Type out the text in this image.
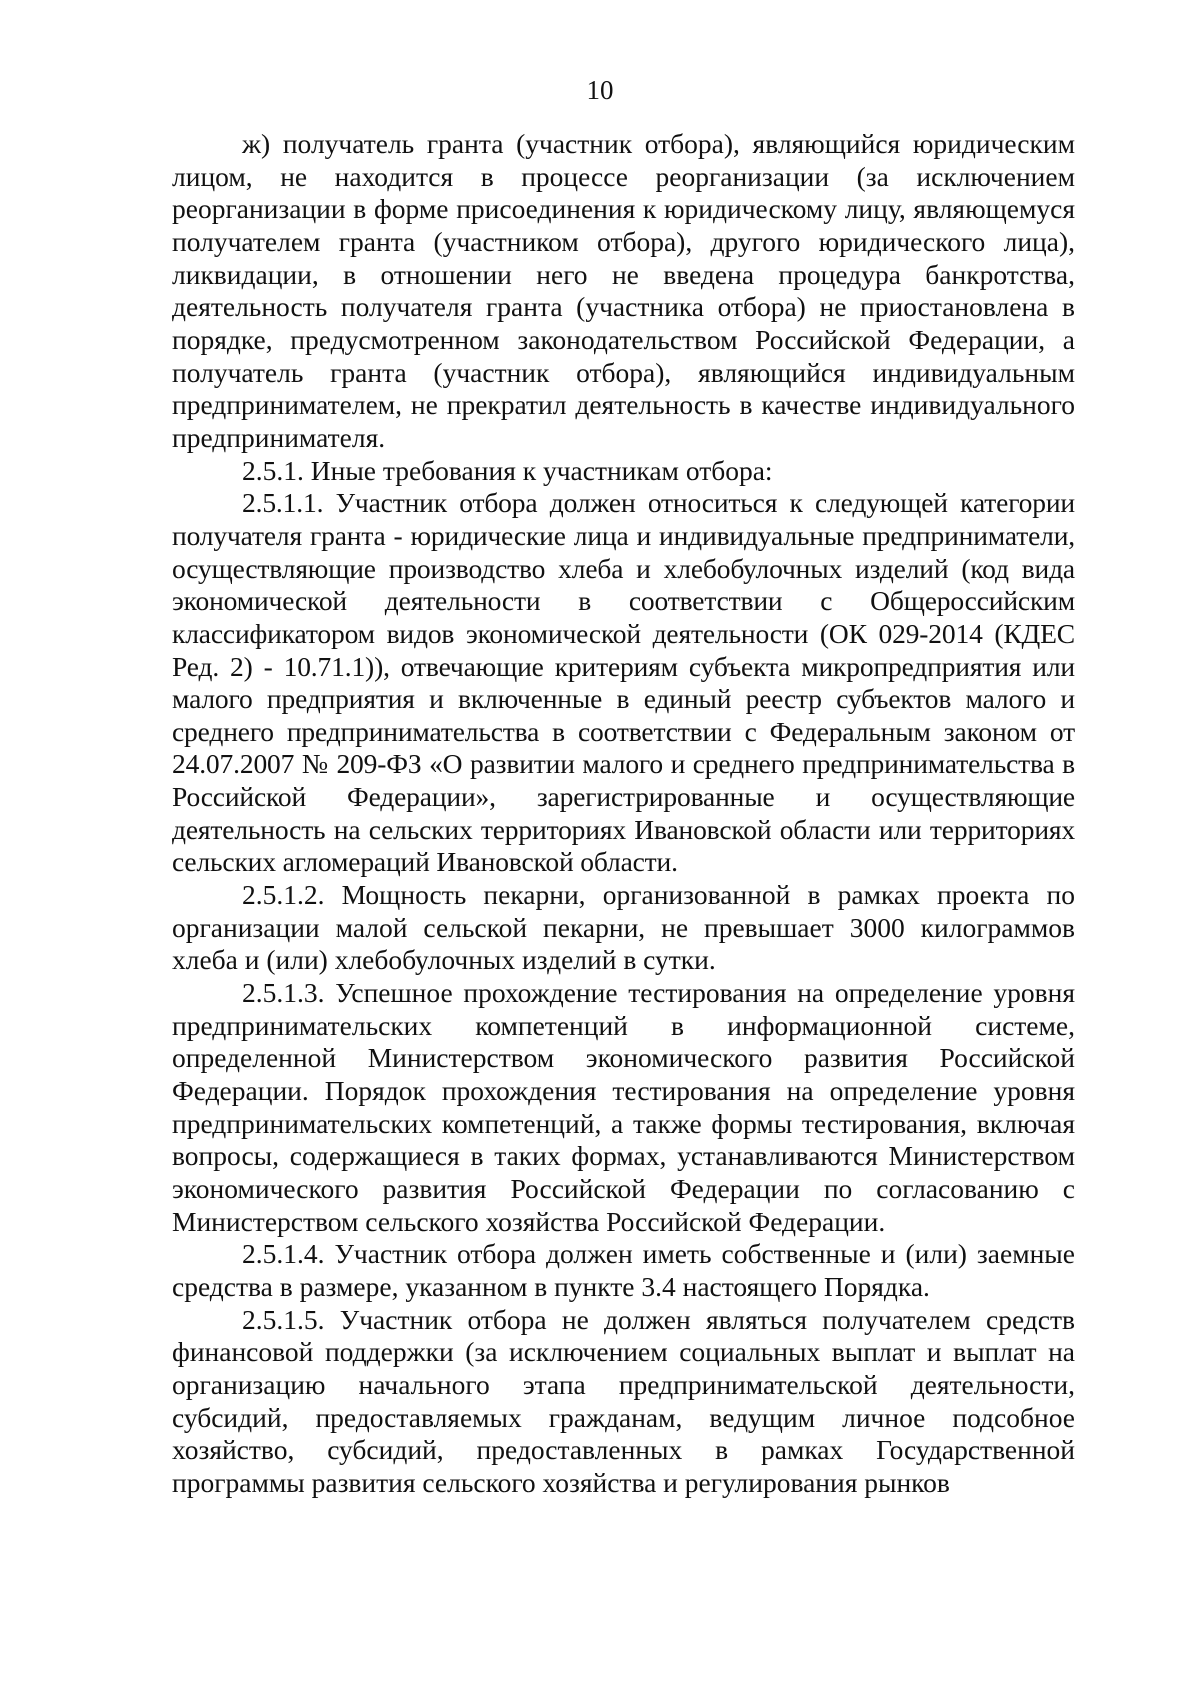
10

ж) получатель гранта (участник отбора), являющийся юридическим лицом, не находится в процессе реорганизации (за исключением реорганизации в форме присоединения к юридическому лицу, являющемуся получателем гранта (участником отбора), другого юридического лица), ликвидации, в отношении него не введена процедура банкротства, деятельность получателя гранта (участника отбора) не приостановлена в порядке, предусмотренном законодательством Российской Федерации, а получатель гранта (участник отбора), являющийся индивидуальным предпринимателем, не прекратил деятельность в качестве индивидуального предпринимателя.

2.5.1. Иные требования к участникам отбора:

2.5.1.1. Участник отбора должен относиться к следующей категории получателя гранта - юридические лица и индивидуальные предприниматели, осуществляющие производство хлеба и хлебобулочных изделий (код вида экономической деятельности в соответствии с Общероссийским классификатором видов экономической деятельности (ОК 029-2014 (КДЕС Ред. 2) - 10.71.1)), отвечающие критериям субъекта микропредприятия или малого предприятия и включенные в единый реестр субъектов малого и среднего предпринимательства в соответствии с Федеральным законом от 24.07.2007 № 209-ФЗ «О развитии малого и среднего предпринимательства в Российской Федерации», зарегистрированные и осуществляющие деятельность на сельских территориях Ивановской области или территориях сельских агломераций Ивановской области.

2.5.1.2. Мощность пекарни, организованной в рамках проекта по организации малой сельской пекарни, не превышает 3000 килограммов хлеба и (или) хлебобулочных изделий в сутки.

2.5.1.3. Успешное прохождение тестирования на определение уровня предпринимательских компетенций в информационной системе, определенной Министерством экономического развития Российской Федерации. Порядок прохождения тестирования на определение уровня предпринимательских компетенций, а также формы тестирования, включая вопросы, содержащиеся в таких формах, устанавливаются Министерством экономического развития Российской Федерации по согласованию с Министерством сельского хозяйства Российской Федерации.

2.5.1.4. Участник отбора должен иметь собственные и (или) заемные средства в размере, указанном в пункте 3.4 настоящего Порядка.

2.5.1.5. Участник отбора не должен являться получателем средств финансовой поддержки (за исключением социальных выплат и выплат на организацию начального этапа предпринимательской деятельности, субсидий, предоставляемых гражданам, ведущим личное подсобное хозяйство, субсидий, предоставленных в рамках Государственной программы развития сельского хозяйства и регулирования рынков
